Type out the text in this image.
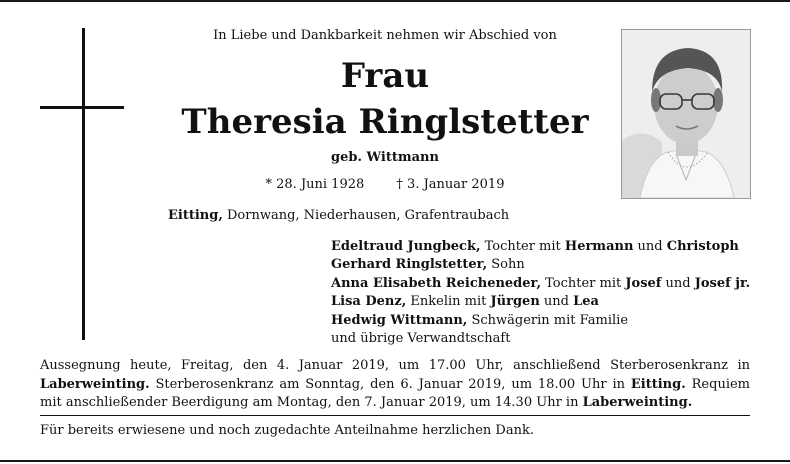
In Liebe und Dankbarkeit nehmen wir Abschied von
Frau
Theresia Ringlstetter
geb. Wittmann
* 28. Juni 1928 † 3. Januar 2019
Eitting, Dornwang, Niederhausen, Grafentraubach
Edeltraud Jungbeck, Tochter mit Hermann und Christoph
Gerhard Ringlstetter, Sohn
Anna Elisabeth Reicheneder, Tochter mit Josef und Josef jr.
Lisa Denz, Enkelin mit Jürgen und Lea
Hedwig Wittmann, Schwägerin mit Familie
und übrige Verwandtschaft
Aussegnung heute, Freitag, den 4. Januar 2019, um 17.00 Uhr, anschließend Sterberosenkranz in Laberweinting. Sterberosenkranz am Sonntag, den 6. Januar 2019, um 18.00 Uhr in Eitting. Requiem mit anschließender Beerdigung am Montag, den 7. Januar 2019, um 14.30 Uhr in Laberweinting.
Für bereits erwiesene und noch zugedachte Anteilnahme herzlichen Dank.
